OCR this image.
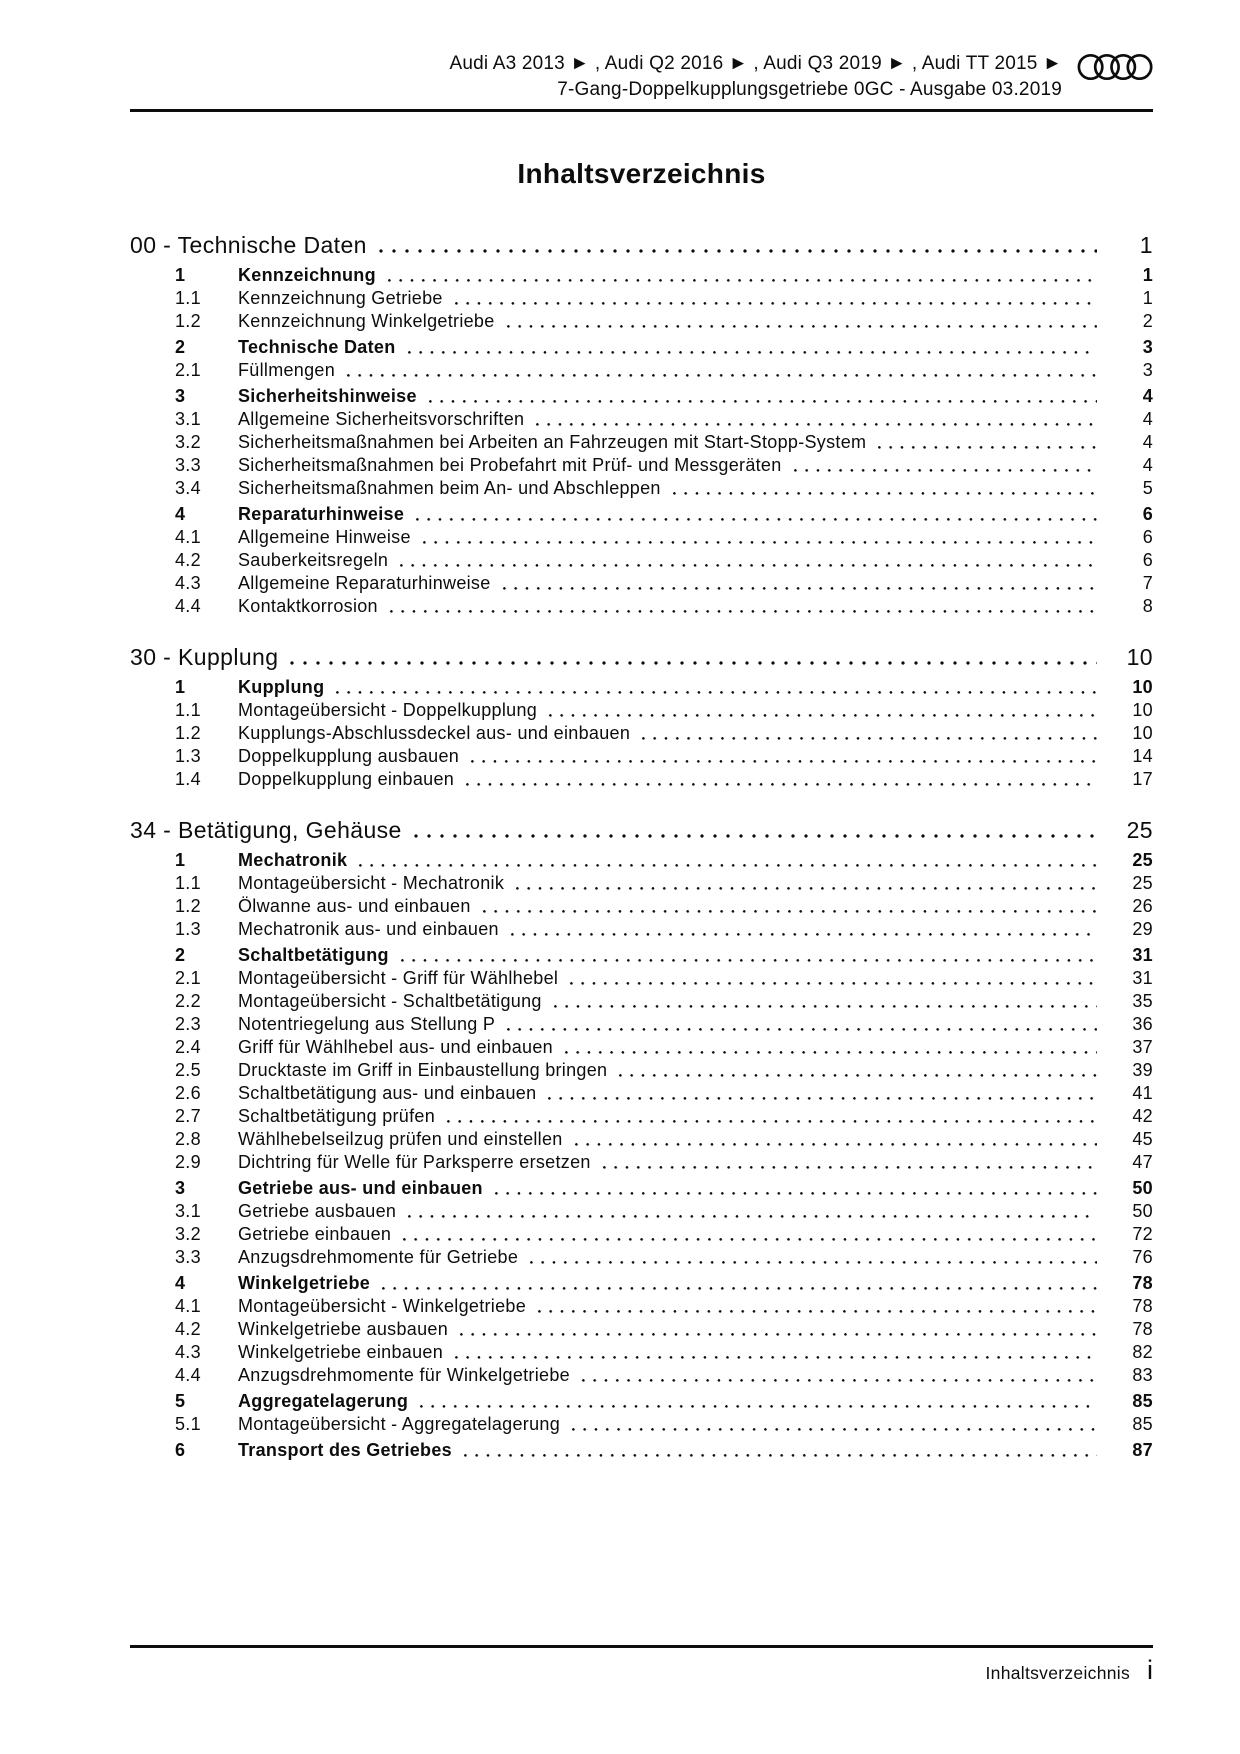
Audi A3 2013 ► , Audi Q2 2016 ► , Audi Q3 2019 ► , Audi TT 2015 ►
7-Gang-Doppelkupplungsgetriebe 0GC - Ausgabe 03.2019
Inhaltsverzeichnis
00 - Technische Daten	1
1	Kennzeichnung	1
1.1	Kennzeichnung Getriebe	1
1.2	Kennzeichnung Winkelgetriebe	2
2	Technische Daten	3
2.1	Füllmengen	3
3	Sicherheitshinweise	4
3.1	Allgemeine Sicherheitsvorschriften	4
3.2	Sicherheitsmaßnahmen bei Arbeiten an Fahrzeugen mit Start-Stopp-System	4
3.3	Sicherheitsmaßnahmen bei Probefahrt mit Prüf- und Messgeräten	4
3.4	Sicherheitsmaßnahmen beim An- und Abschleppen	5
4	Reparaturhinweise	6
4.1	Allgemeine Hinweise	6
4.2	Sauberkeitsregeln	6
4.3	Allgemeine Reparaturhinweise	7
4.4	Kontaktkorrosion	8
30 - Kupplung	10
1	Kupplung	10
1.1	Montageübersicht - Doppelkupplung	10
1.2	Kupplungs-Abschlussdeckel aus- und einbauen	10
1.3	Doppelkupplung ausbauen	14
1.4	Doppelkupplung einbauen	17
34 - Betätigung, Gehäuse	25
1	Mechatronik	25
1.1	Montageübersicht - Mechatronik	25
1.2	Ölwanne aus- und einbauen	26
1.3	Mechatronik aus- und einbauen	29
2	Schaltbetätigung	31
2.1	Montageübersicht - Griff für Wählhebel	31
2.2	Montageübersicht - Schaltbetätigung	35
2.3	Notentriegelung aus Stellung P	36
2.4	Griff für Wählhebel aus- und einbauen	37
2.5	Drucktaste im Griff in Einbaustellung bringen	39
2.6	Schaltbetätigung aus- und einbauen	41
2.7	Schaltbetätigung prüfen	42
2.8	Wählhebelseilzug prüfen und einstellen	45
2.9	Dichtring für Welle für Parksperre ersetzen	47
3	Getriebe aus- und einbauen	50
3.1	Getriebe ausbauen	50
3.2	Getriebe einbauen	72
3.3	Anzugsdrehmomente für Getriebe	76
4	Winkelgetriebe	78
4.1	Montageübersicht - Winkelgetriebe	78
4.2	Winkelgetriebe ausbauen	78
4.3	Winkelgetriebe einbauen	82
4.4	Anzugsdrehmomente für Winkelgetriebe	83
5	Aggregatelagerung	85
5.1	Montageübersicht - Aggregatelagerung	85
6	Transport des Getriebes	87
Inhaltsverzeichnis i
